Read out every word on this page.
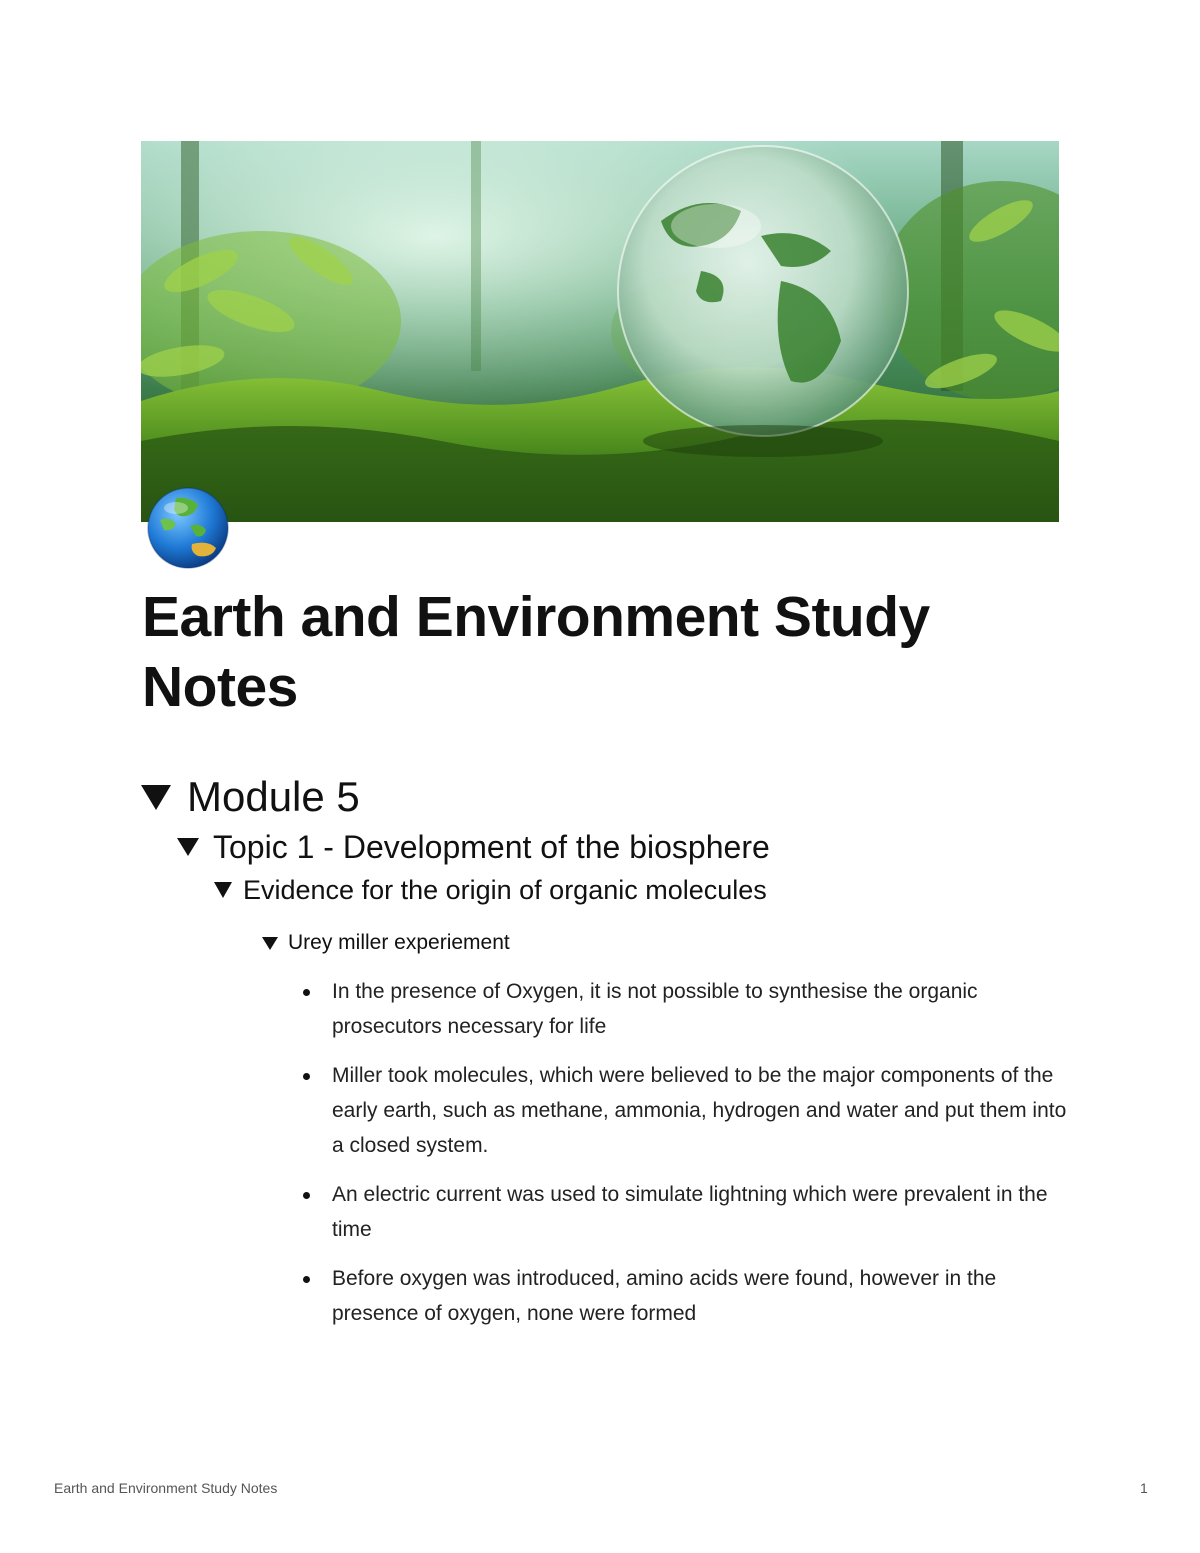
Earth and Environment Study Notes
Module 5
Topic 1 - Development of the biosphere
Evidence for the origin of organic molecules
Urey miller experiement
In the presence of Oxygen, it is not possible to synthesise the organic prosecutors necessary for life
Miller took molecules, which were believed to be the major components of the early earth, such as methane, ammonia, hydrogen and water and put them into a closed system.
An electric current was used to simulate lightning which were prevalent in the time
Before oxygen was introduced, amino acids were found, however in the presence of oxygen, none were formed
Earth and Environment Study Notes	1
